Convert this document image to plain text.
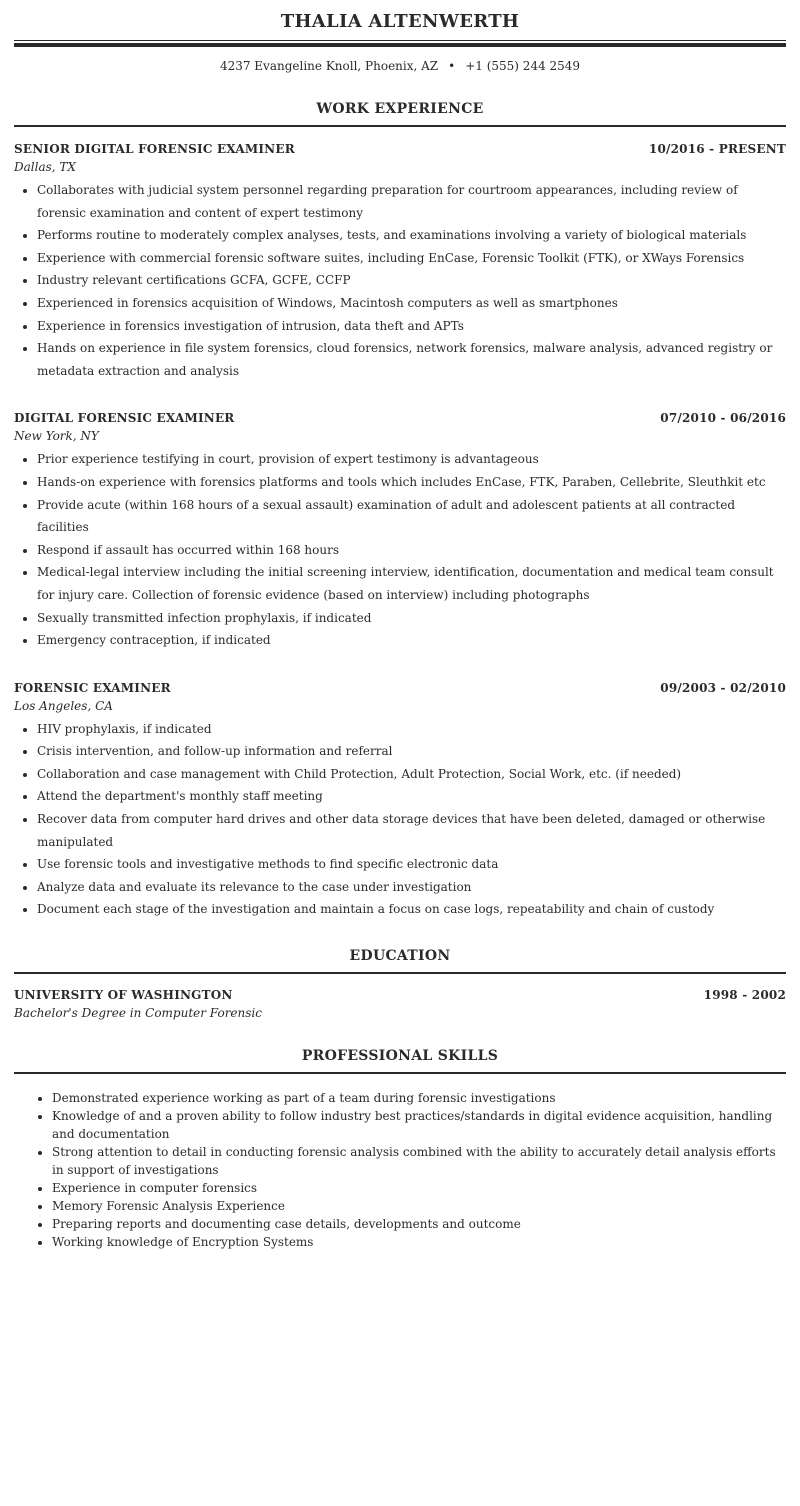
THALIA ALTENWERTH
4237 Evangeline Knoll, Phoenix, AZ • +1 (555) 244 2549
WORK EXPERIENCE
SENIOR DIGITAL FORENSIC EXAMINER	10/2016 - PRESENT
Dallas, TX
• Collaborates with judicial system personnel regarding preparation for courtroom appearances, including review of forensic examination and content of expert testimony
• Performs routine to moderately complex analyses, tests, and examinations involving a variety of biological materials
• Experience with commercial forensic software suites, including EnCase, Forensic Toolkit (FTK), or XWays Forensics
• Industry relevant certifications GCFA, GCFE, CCFP
• Experienced in forensics acquisition of Windows, Macintosh computers as well as smartphones
• Experience in forensics investigation of intrusion, data theft and APTs
• Hands on experience in file system forensics, cloud forensics, network forensics, malware analysis, advanced registry or metadata extraction and analysis
DIGITAL FORENSIC EXAMINER	07/2010 - 06/2016
New York, NY
• Prior experience testifying in court, provision of expert testimony is advantageous
• Hands-on experience with forensics platforms and tools which includes EnCase, FTK, Paraben, Cellebrite, Sleuthkit etc
• Provide acute (within 168 hours of a sexual assault) examination of adult and adolescent patients at all contracted facilities
• Respond if assault has occurred within 168 hours
• Medical-legal interview including the initial screening interview, identification, documentation and medical team consult for injury care. Collection of forensic evidence (based on interview) including photographs
• Sexually transmitted infection prophylaxis, if indicated
• Emergency contraception, if indicated
FORENSIC EXAMINER	09/2003 - 02/2010
Los Angeles, CA
• HIV prophylaxis, if indicated
• Crisis intervention, and follow-up information and referral
• Collaboration and case management with Child Protection, Adult Protection, Social Work, etc. (if needed)
• Attend the department's monthly staff meeting
• Recover data from computer hard drives and other data storage devices that have been deleted, damaged or otherwise manipulated
• Use forensic tools and investigative methods to find specific electronic data
• Analyze data and evaluate its relevance to the case under investigation
• Document each stage of the investigation and maintain a focus on case logs, repeatability and chain of custody
EDUCATION
UNIVERSITY OF WASHINGTON	1998 - 2002
Bachelor's Degree in Computer Forensic
PROFESSIONAL SKILLS
• Demonstrated experience working as part of a team during forensic investigations
• Knowledge of and a proven ability to follow industry best practices/standards in digital evidence acquisition, handling and documentation
• Strong attention to detail in conducting forensic analysis combined with the ability to accurately detail analysis efforts in support of investigations
• Experience in computer forensics
• Memory Forensic Analysis Experience
• Preparing reports and documenting case details, developments and outcome
• Working knowledge of Encryption Systems
